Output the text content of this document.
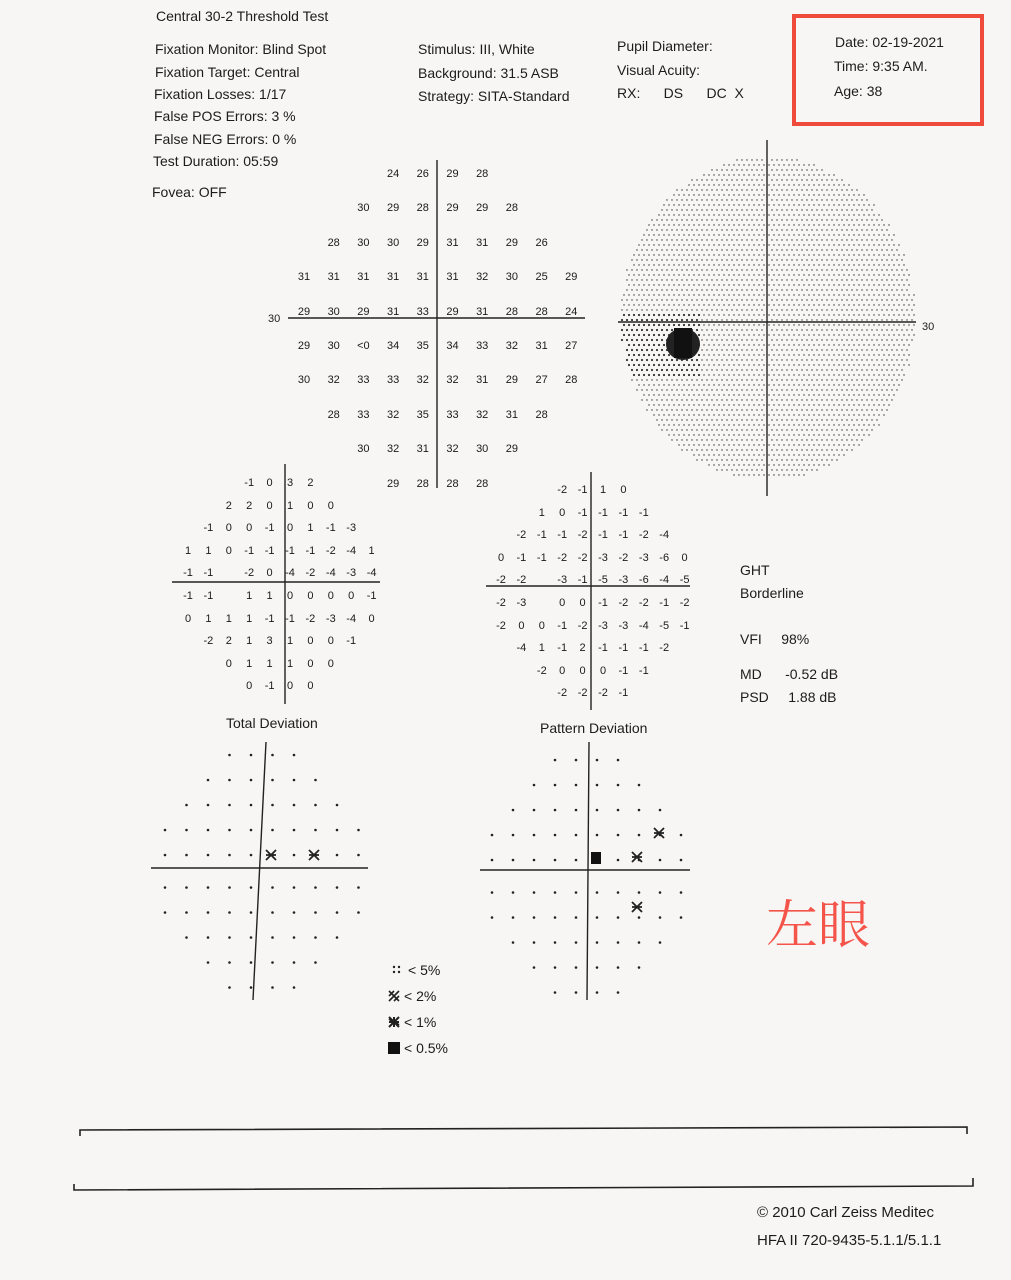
Central 30-2 Threshold Test
Fixation Monitor: Blind Spot
Fixation Target: Central
Fixation Losses: 1/17
False POS Errors: 3 %
False NEG Errors: 0 %
Test Duration: 05:59
Fovea: OFF
Stimulus: III, White
Background: 31.5 ASB
Strategy: SITA-Standard
Pupil Diameter:
Visual Acuity:
RX:      DS      DC  X
Date: 02-19-2021
Time: 9:35 AM.
Age: 38
30
30
24 26 29 28
30 29 28 29 29 28
28 30 30 29 31 31 29 26
31 31 31 31 31 31 32 30 25 29
29 30 29 31 33 29 31 28 28 24
29 30 <0 34 35 34 33 32 31 27
30 32 33 33 32 32 31 29 27 28
28 33 32 35 33 32 31 28
30 32 31 32 30 29
29 28 28 28
-1 0 3 2
2 2 0 1 0 0
-1 0 0 -1 0 1 -1 -3
1 1 0 -1 -1 -1 -1 -2 -4 1
-1 -1	-2 0 -4 -2 -4 -3 -4
-1 -1	1 1 0 0 0 0 -1
0 1 1 1 -1 -1 -2 -3 -4 0
-2 2 1 3 1 0 0 -1
0 1 1 1 0 0
0 -1 0 0
-2 -1 1 0
1 0 -1 -1 -1 -1
-2 -1 -1 -2 -1 -1 -2 -4
0 -1 -1 -2 -2 -3 -2 -3 -6 0
-2 -2	-3 -1 -5 -3 -6 -4 -5
-2 -3	0 0 -1 -2 -2 -1 -2
-2 0 0 -1 -2 -3 -3 -4 -5 -1
-4 1 -1 2 -1 -1 -1 -2
-2 0 0 0 -1 -1
-2 -2 -2 -1
Total Deviation	Pattern Deviation
GHT
Borderline
VFI     98%
MD      -0.52 dB
PSD     1.88 dB
< 5%
< 2%
< 1%
< 0.5%
左眼
© 2010 Carl Zeiss Meditec
HFA II 720-9435-5.1.1/5.1.1
